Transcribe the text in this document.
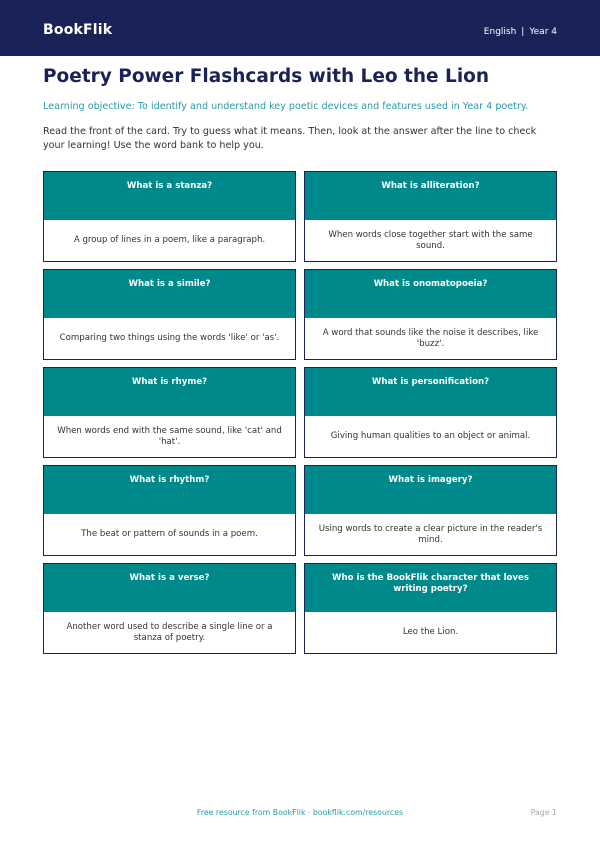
BookFlik	English | Year 4
Poetry Power Flashcards with Leo the Lion
Learning objective: To identify and understand key poetic devices and features used in Year 4 poetry.
Read the front of the card. Try to guess what it means. Then, look at the answer after the line to check your learning! Use the word bank to help you.
What is a stanza?
A group of lines in a poem, like a paragraph.
What is alliteration?
When words close together start with the same sound.
What is a simile?
Comparing two things using the words 'like' or 'as'.
What is onomatopoeia?
A word that sounds like the noise it describes, like 'buzz'.
What is rhyme?
When words end with the same sound, like 'cat' and 'hat'.
What is personification?
Giving human qualities to an object or animal.
What is rhythm?
The beat or pattern of sounds in a poem.
What is imagery?
Using words to create a clear picture in the reader's mind.
What is a verse?
Another word used to describe a single line or a stanza of poetry.
Who is the BookFlik character that loves writing poetry?
Leo the Lion.
Free resource from BookFlik · bookflik.com/resources	Page 1
